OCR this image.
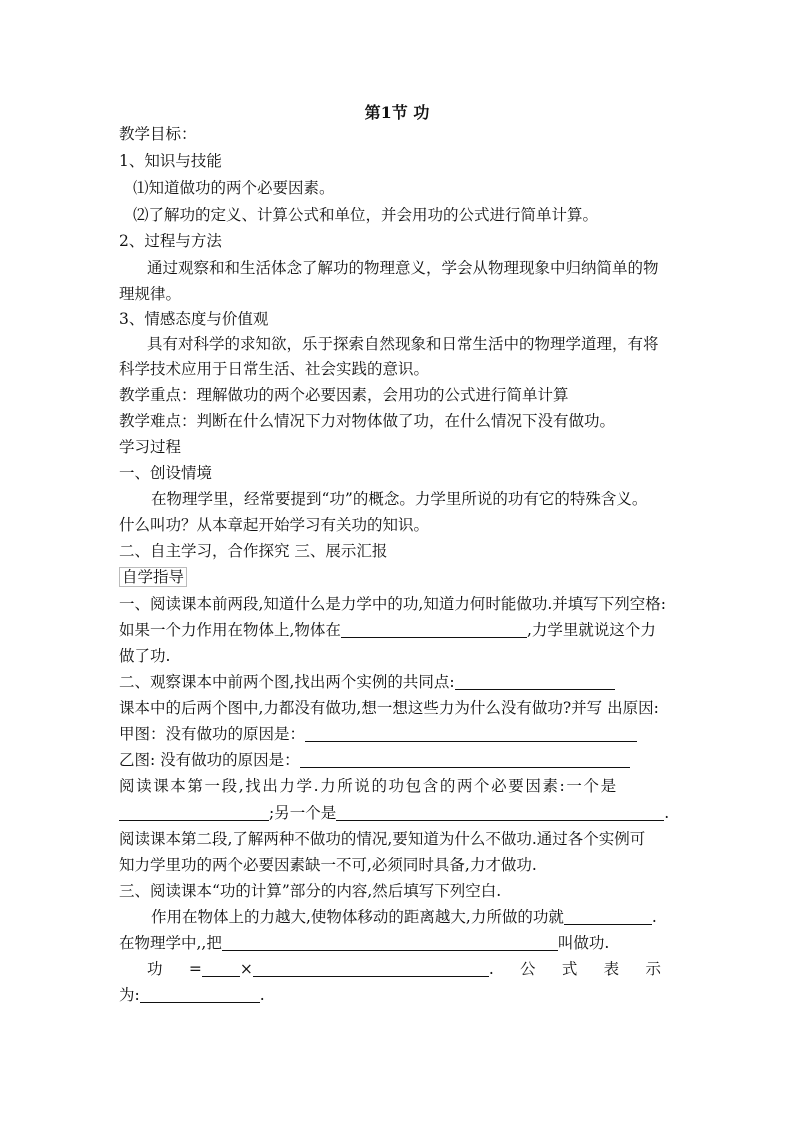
第1节 功
教学目标：
1、知识与技能
⑴知道做功的两个必要因素。
⑵了解功的定义、计算公式和单位，并会用功的公式进行简单计算。
2、过程与方法
通过观察和和生活体念了解功的物理意义，学会从物理现象中归纳简单的物
理规律。
3、情感态度与价值观
具有对科学的求知欲，乐于探索自然现象和日常生活中的物理学道理，有将
科学技术应用于日常生活、社会实践的意识。
教学重点：理解做功的两个必要因素，会用功的公式进行简单计算
教学难点：判断在什么情况下力对物体做了功，在什么情况下没有做功。
学习过程
一、创设情境
在物理学里，经常要提到“功”的概念。力学里所说的功有它的特殊含义。
什么叫功？从本章起开始学习有关功的知识。
二、自主学习，合作探究 三、展示汇报
自学指导
一、阅读课本前两段,知道什么是力学中的功,知道力何时能做功.并填写下列空格:
如果一个力作用在物体上,物体在	,力学里就说这个力
做了功.
二、观察课本中前两个图,找出两个实例的共同点:
课本中的后两个图中,力都没有做功,想一想这些力为什么没有做功?并写 出原因:
甲图：没有做功的原因是：
乙图: 没有做功的原因是：
阅读课本第一段,找出力学.力所说的功包含的两个必要因素:一个是
;另一个是	.
阅读课本第二段,了解两种不做功的情况,要知道为什么不做功.通过各个实例可
知力学里功的两个必要因素缺一不可,必须同时具备,力才做功.
三、阅读课本“功的计算”部分的内容,然后填写下列空白.
作用在物体上的力越大,使物体移动的距离越大,力所做的功就	.
在物理学中,,把	叫做功.
功 = ×	. 公 式 表 示
为:	.
